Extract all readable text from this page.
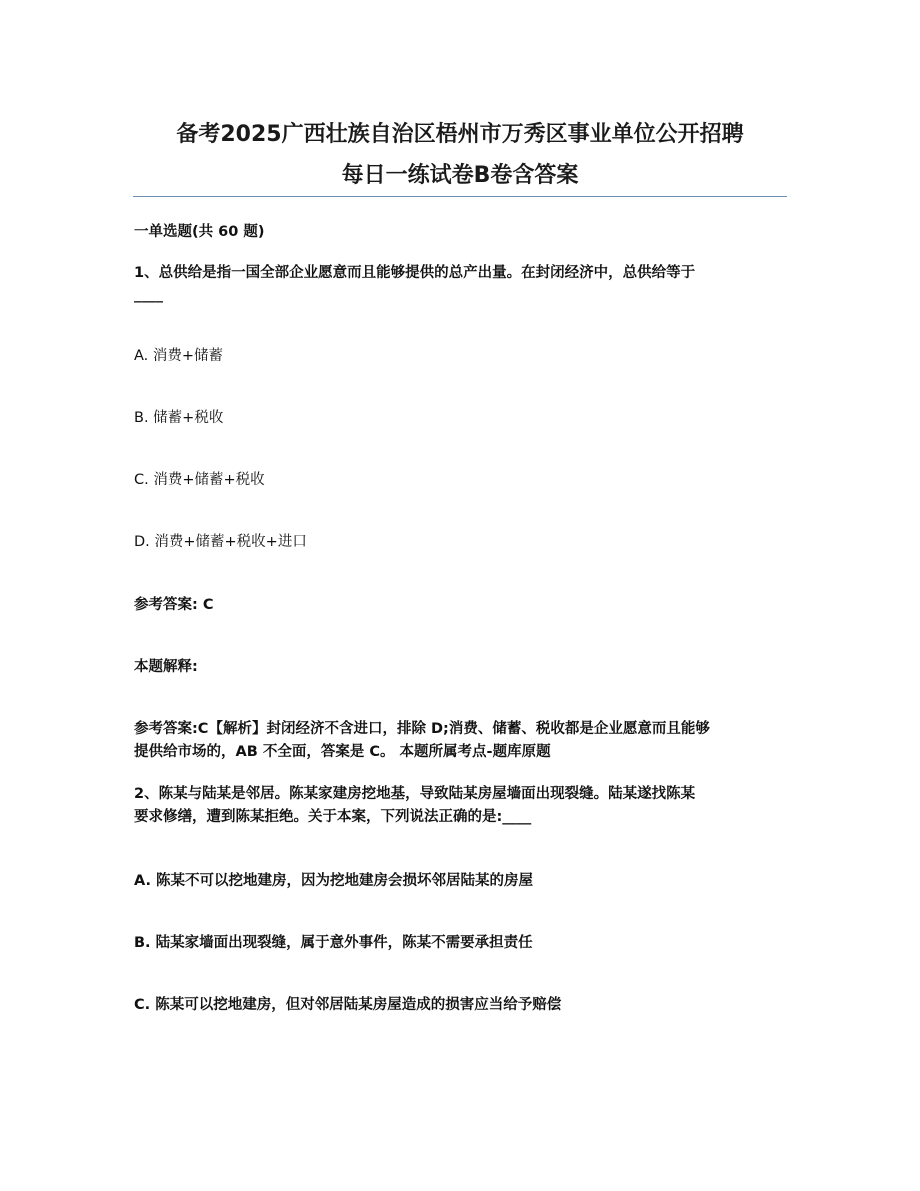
备考2025广西壮族自治区梧州市万秀区事业单位公开招聘
每日一练试卷B卷含答案
一单选题(共 60 题)
1、总供给是指一国全部企业愿意而且能够提供的总产出量。在封闭经济中，总供给等于
____
A. 消费+储蓄
B. 储蓄+税收
C. 消费+储蓄+税收
D. 消费+储蓄+税收+进口
参考答案: C
本题解释:
参考答案:C【解析】封闭经济不含进口，排除 D;消费、储蓄、税收都是企业愿意而且能够
提供给市场的，AB 不全面，答案是 C。 本题所属考点-题库原题
2、陈某与陆某是邻居。陈某家建房挖地基，导致陆某房屋墙面出现裂缝。陆某遂找陈某
要求修缮，遭到陈某拒绝。关于本案，下列说法正确的是:____
A. 陈某不可以挖地建房，因为挖地建房会损坏邻居陆某的房屋
B. 陆某家墙面出现裂缝，属于意外事件，陈某不需要承担责任
C. 陈某可以挖地建房，但对邻居陆某房屋造成的损害应当给予赔偿
